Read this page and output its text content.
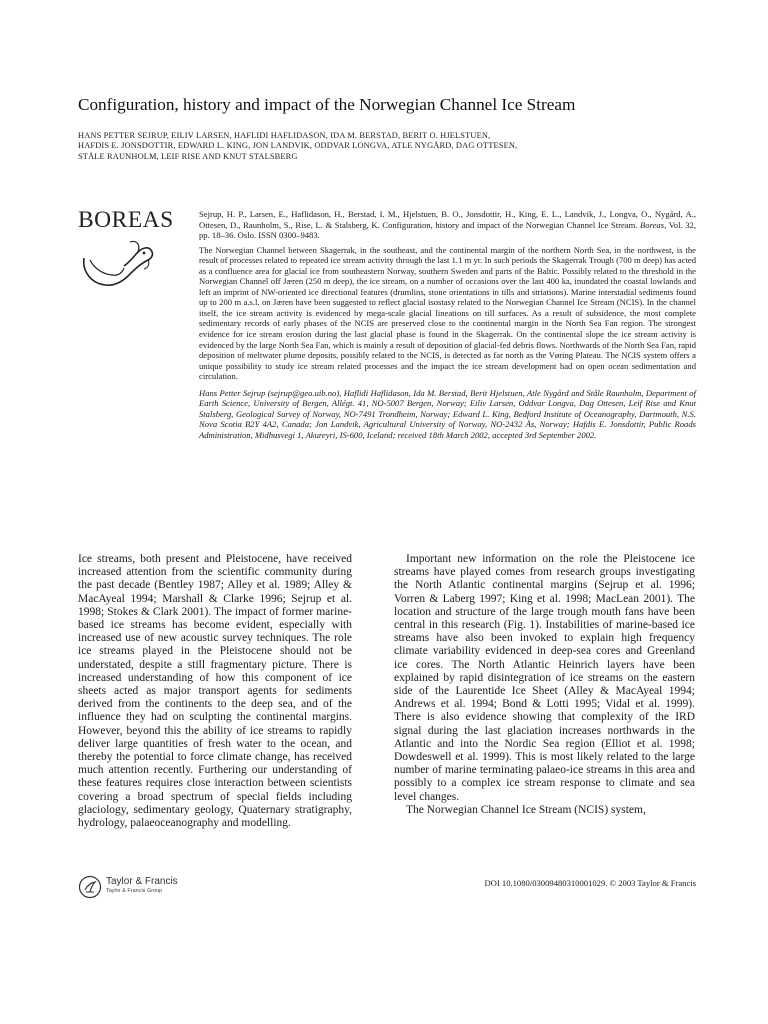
Configuration, history and impact of the Norwegian Channel Ice Stream
HANS PETTER SEJRUP, EILIV LARSEN, HAFLIDI HAFLIDASON, IDA M. BERSTAD, BERIT O. HJELSTUEN,
HAFDIS E. JONSDOTTIR, EDWARD L. KING, JON LANDVIK, ODDVAR LONGVA, ATLE NYGÅRD, DAG OTTESEN,
STÅLE RAUNHOLM, LEIF RISE AND KNUT STALSBERG
BOREAS	Sejrup, H. P., Larsen, E., Haflidason, H., Berstad, I. M., Hjelstuen, B. O., Jonsdottir, H., King, E. L., Landvik, J., Longva, O., Nygård, A., Ottesen, D., Raunholm, S., Rise, L. & Stalsberg, K. Configuration, history and impact of the Norwegian Channel Ice Stream. Boreas, Vol. 32, pp. 18–36. Oslo. ISSN 0300–9483.

The Norwegian Channel between Skagerrak, in the southeast, and the continental margin of the northern North Sea, in the northwest, is the result of processes related to repeated ice stream activity through the last 1.1 m yr. In such periods the Skagerrak Trough (700 m deep) has acted as a confluence area for glacial ice from southeastern Norway, southern Sweden and parts of the Baltic. Possibly related to the threshold in the Norwegian Channel off Jæren (250 m deep), the ice stream, on a number of occasions over the last 400 ka, inundated the coastal lowlands and left an imprint of NW-oriented ice directional features (drumlins, stone orientations in tills and striations). Marine interstadial sediments found up to 200 m a.s.l. on Jæren have been suggested to reflect glacial isostasy related to the Norwegian Channel Ice Stream (NCIS). In the channel itself, the ice stream activity is evidenced by mega-scale glacial lineations on till surfaces. As a result of subsidence, the most complete sedimentary records of early phases of the NCIS are preserved close to the continental margin in the North Sea Fan region. The strongest evidence for ice stream erosion during the last glacial phase is found in the Skagerrak. On the continental slope the ice stream activity is evidenced by the large North Sea Fan, which is mainly a result of deposition of glacial-fed debris flows. Northwards of the North Sea Fan, rapid deposition of meltwater plume deposits, possibly related to the NCIS, is detected as far north as the Vøring Plateau. The NCIS system offers a unique possibility to study ice stream related processes and the impact the ice stream development had on open ocean sedimentation and circulation.

Hans Petter Sejrup (sejrup@geo.uib.no), Haflidi Haflidason, Ida M. Berstad, Berit Hjelstuen, Atle Nygård and Ståle Raunholm, Department of Earth Science, University of Bergen, Allégt. 41, NO-5007 Bergen, Norway; Eiliv Larsen, Oddvar Longva, Dag Ottesen, Leif Rise and Knut Stalsberg, Geological Survey of Norway, NO-7491 Trondheim, Norway; Edward L. King, Bedford Institute of Oceanography, Dartmouth, N.S. Nova Scotia B2Y 4A2, Canada; Jon Landvik, Agricultural University of Norway, NO-2432 Ås, Norway; Hafdis E. Jonsdottir, Public Roads Administration, Midhusvegi 1, Akureyri, IS-600, Iceland; received 18th March 2002, accepted 3rd September 2002.

Ice streams, both present and Pleistocene, have received increased attention from the scientific community during the past decade (Bentley 1987; Alley et al. 1989; Alley & MacAyeal 1994; Marshall & Clarke 1996; Sejrup et al. 1998; Stokes & Clark 2001). The impact of former marine-based ice streams has become evident, especially with increased use of new acoustic survey techniques. The role ice streams played in the Pleistocene should not be understated, despite a still fragmentary picture. There is increased understanding of how this component of ice sheets acted as major transport agents for sediments derived from the continents to the deep sea, and of the influence they had on sculpting the continental margins. However, beyond this the ability of ice streams to rapidly deliver large quantities of fresh water to the ocean, and thereby the potential to force climate change, has received much attention recently. Furthering our understanding of these features requires close interaction between scientists covering a broad spectrum of special fields including glaciology, sedimentary geology, Quaternary stratigraphy, hydrology, palaeoceanography and modelling.

Important new information on the role the Pleistocene ice streams have played comes from research groups investigating the North Atlantic continental margins (Sejrup et al. 1996; Vorren & Laberg 1997; King et al. 1998; MacLean 2001). The location and structure of the large trough mouth fans have been central in this research (Fig. 1). Instabilities of marine-based ice streams have also been invoked to explain high frequency climate variability evidenced in deep-sea cores and Greenland ice cores. The North Atlantic Heinrich layers have been explained by rapid disintegration of ice streams on the eastern side of the Laurentide Ice Sheet (Alley & MacAyeal 1994; Andrews et al. 1994; Bond & Lotti 1995; Vidal et al. 1999). There is also evidence showing that complexity of the IRD signal during the last glaciation increases northwards in the Atlantic and into the Nordic Sea region (Elliot et al. 1998; Dowdeswell et al. 1999). This is most likely related to the large number of marine terminating palaeo-ice streams in this area and possibly to a complex ice stream response to climate and sea level changes.

The Norwegian Channel Ice Stream (NCIS) system,

Taylor & Francis
Taylor & Francis Group
DOI 10.1080/03009480310001029. © 2003 Taylor & Francis
